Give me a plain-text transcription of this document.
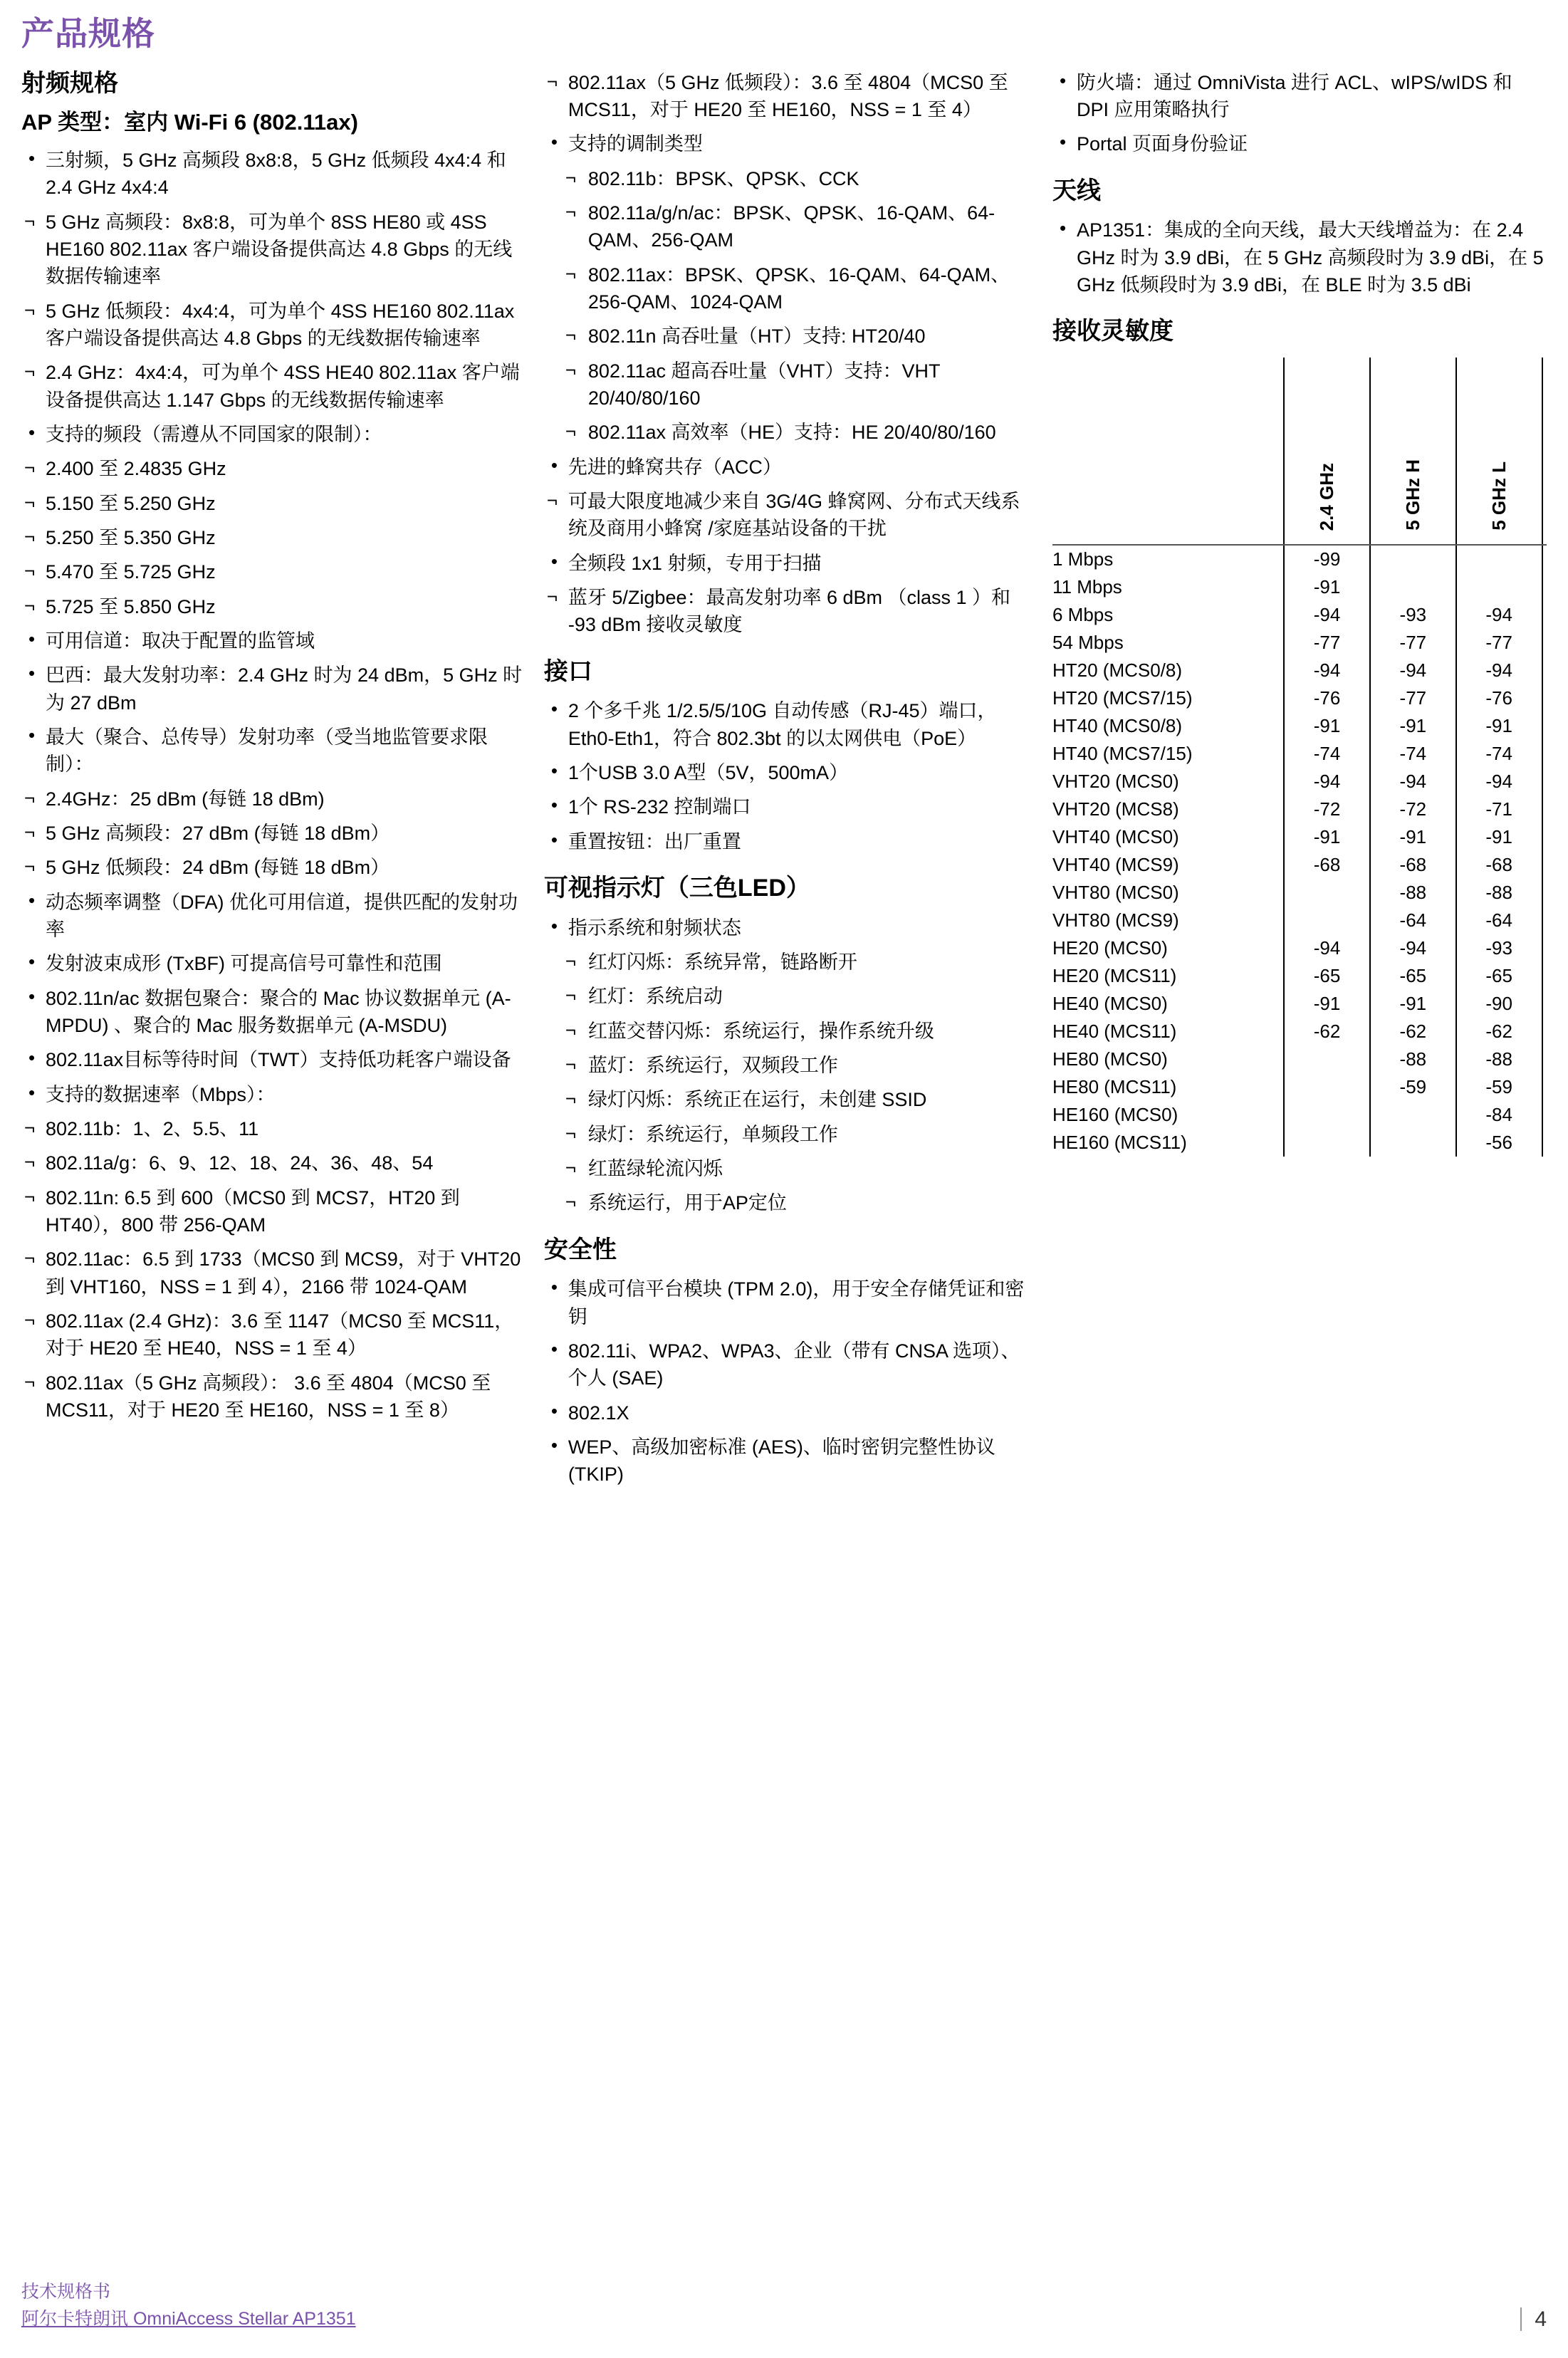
产品规格
射频规格
AP 类型：室内 Wi-Fi 6 (802.11ax)
• 三射频，5 GHz 高频段 8x8:8，5 GHz 低频段 4x4:4 和 2.4 GHz 4x4:4
¬ 5 GHz 高频段：8x8:8，可为单个 8SS HE80 或 4SS HE160 802.11ax 客户端设备提供高达 4.8 Gbps 的无线数据传输速率
¬ 5 GHz 低频段：4x4:4，可为单个 4SS HE160 802.11ax 客户端设备提供高达 4.8 Gbps 的无线数据传输速率
¬ 2.4 GHz：4x4:4，可为单个 4SS HE40 802.11ax 客户端设备提供高达 1.147 Gbps 的无线数据传输速率
• 支持的频段（需遵从不同国家的限制）：
¬ 2.400 至 2.4835 GHz
¬ 5.150 至 5.250 GHz
¬ 5.250 至 5.350 GHz
¬ 5.470 至 5.725 GHz
¬ 5.725 至 5.850 GHz
• 可用信道：取决于配置的监管域
• 巴西：最大发射功率：2.4 GHz 时为 24 dBm，5 GHz 时为 27 dBm
• 最大（聚合、总传导）发射功率（受当地监管要求限制）：
¬ 2.4GHz：25 dBm (每链 18 dBm)
¬ 5 GHz 高频段：27 dBm (每链 18 dBm）
¬ 5 GHz 低频段：24 dBm (每链 18 dBm）
• 动态频率调整（DFA) 优化可用信道，提供匹配的发射功率
• 发射波束成形 (TxBF) 可提高信号可靠性和范围
• 802.11n/ac 数据包聚合：聚合的 Mac 协议数据单元 (A-MPDU) 、聚合的 Mac 服务数据单元 (A-MSDU)
• 802.11ax目标等待时间（TWT）支持低功耗客户端设备
• 支持的数据速率（Mbps）：
¬ 802.11b：1、2、5.5、11
¬ 802.11a/g：6、9、12、18、24、36、48、54
¬ 802.11n: 6.5 到 600（MCS0 到 MCS7，HT20 到 HT40），800 带 256-QAM
¬ 802.11ac：6.5 到 1733（MCS0 到 MCS9，对于 VHT20 到 VHT160，NSS = 1 到 4），2166 带 1024-QAM
¬ 802.11ax (2.4 GHz)：3.6 至 1147（MCS0 至 MCS11，对于 HE20 至 HE40，NSS = 1 至 4）
¬ 802.11ax（5 GHz 高频段）： 3.6 至 4804（MCS0 至 MCS11，对于 HE20 至 HE160，NSS = 1 至 8）
¬ 802.11ax（5 GHz 低频段）：3.6 至 4804（MCS0 至 MCS11，对于 HE20 至 HE160，NSS = 1 至 4）
• 支持的调制类型
¬ 802.11b：BPSK、QPSK、CCK
¬ 802.11a/g/n/ac：BPSK、QPSK、16-QAM、64-QAM、256-QAM
¬ 802.11ax：BPSK、QPSK、16-QAM、64-QAM、256-QAM、1024-QAM
¬ 802.11n 高吞吐量（HT）支持: HT20/40
¬ 802.11ac 超高吞吐量（VHT）支持：VHT 20/40/80/160
¬ 802.11ax 高效率（HE）支持：HE 20/40/80/160
• 先进的蜂窝共存（ACC）
¬ 可最大限度地减少来自 3G/4G 蜂窝网、分布式天线系统及商用小蜂窝 /家庭基站设备的干扰
• 全频段 1x1 射频，专用于扫描
¬ 蓝牙 5/Zigbee：最高发射功率 6 dBm （class 1 ）和 -93 dBm 接收灵敏度
接口
• 2 个多千兆 1/2.5/5/10G 自动传感（RJ-45）端口，Eth0-Eth1，符合 802.3bt 的以太网供电（PoE）
• 1个USB 3.0 A型（5V，500mA）
• 1个 RS-232 控制端口
• 重置按钮：出厂重置
可视指示灯（三色LED）
• 指示系统和射频状态
¬ 红灯闪烁：系统异常，链路断开
¬ 红灯：系统启动
¬ 红蓝交替闪烁：系统运行，操作系统升级
¬ 蓝灯：系统运行，双频段工作
¬ 绿灯闪烁：系统正在运行，未创建 SSID
¬ 绿灯：系统运行，单频段工作
¬ 红蓝绿轮流闪烁
¬ 系统运行，用于AP定位
安全性
• 集成可信平台模块 (TPM 2.0)，用于安全存储凭证和密钥
• 802.11i、WPA2、WPA3、企业（带有 CNSA 选项）、个人 (SAE)
• 802.1X
• WEP、高级加密标准 (AES)、临时密钥完整性协议 (TKIP)
• 防火墙：通过 OmniVista 进行 ACL、wIPS/wIDS 和 DPI 应用策略执行
• Portal 页面身份验证
天线
• AP1351：集成的全向天线，最大天线增益为：在 2.4 GHz 时为 3.9 dBi，在 5 GHz 高频段时为 3.9 dBi，在 5 GHz 低频段时为 3.9 dBi，在 BLE 时为 3.5 dBi
接收灵敏度
	2.4 GHz	5 GHz H	5 GHz L	
1 Mbps	-99			
11 Mbps	-91			
6 Mbps	-94	-93	-94	
54 Mbps	-77	-77	-77	
HT20 (MCS0/8)	-94	-94	-94	
HT20 (MCS7/15)	-76	-77	-76	
HT40 (MCS0/8)	-91	-91	-91	
HT40 (MCS7/15)	-74	-74	-74	
VHT20 (MCS0)	-94	-94	-94	
VHT20 (MCS8)	-72	-72	-71	
VHT40 (MCS0)	-91	-91	-91	
VHT40 (MCS9)	-68	-68	-68	
VHT80 (MCS0)		-88	-88	
VHT80 (MCS9)		-64	-64	
HE20 (MCS0)	-94	-94	-93	
HE20 (MCS11)	-65	-65	-65	
HE40 (MCS0)	-91	-91	-90	
HE40 (MCS11)	-62	-62	-62	
HE80 (MCS0)		-88	-88	
HE80 (MCS11)		-59	-59	
HE160 (MCS0)			-84	
HE160 (MCS11)			-56	
技术规格书
阿尔卡特朗讯 OmniAccess Stellar AP1351	4
